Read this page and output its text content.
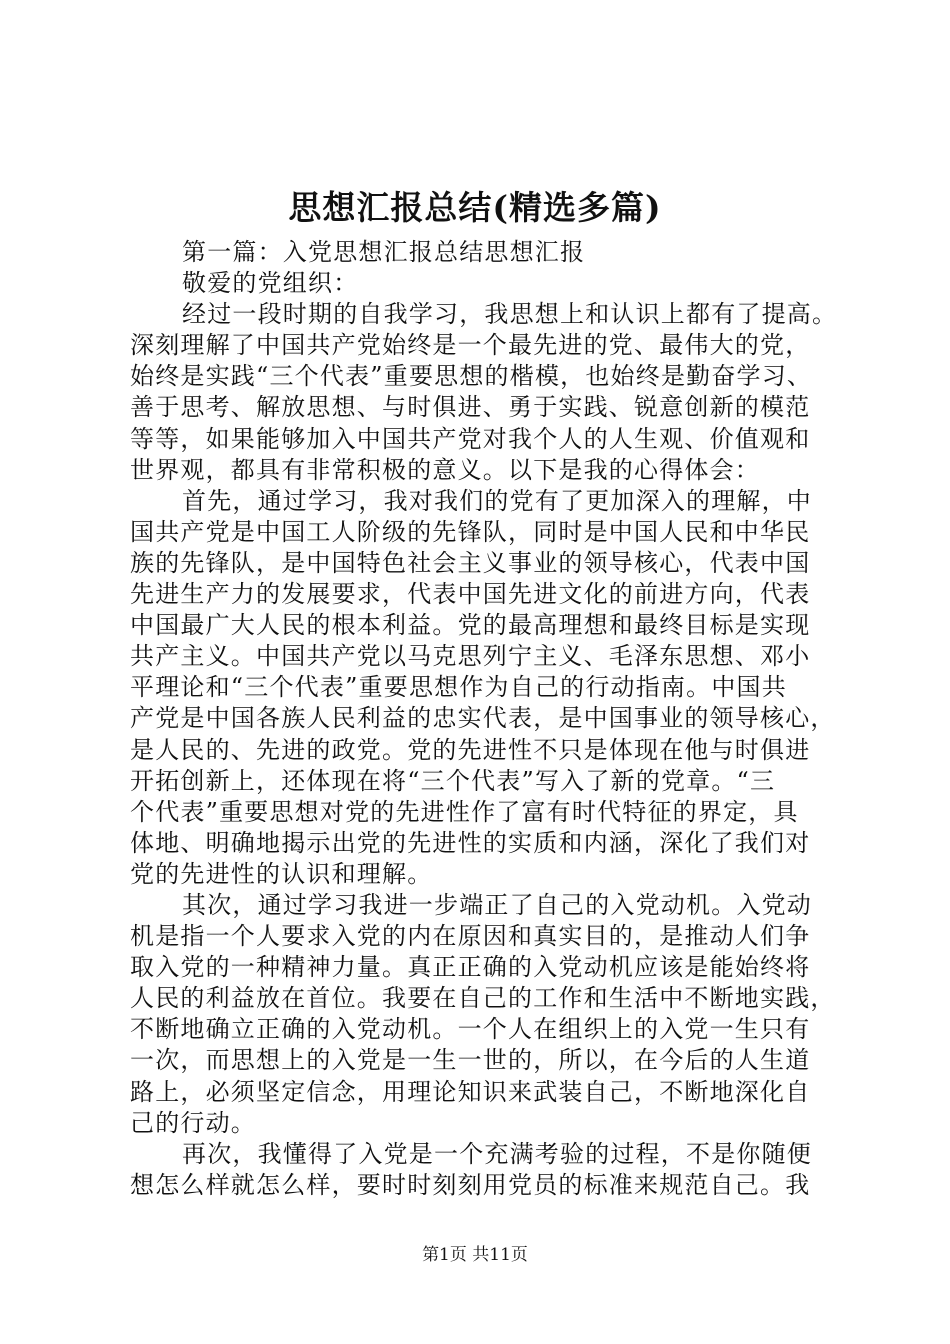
思想汇报总结(精选多篇)
第一篇：入党思想汇报总结思想汇报
敬爱的党组织：
经过一段时期的自我学习，我思想上和认识上都有了提高。
深刻理解了中国共产党始终是一个最先进的党、最伟大的党，
始终是实践“三个代表”重要思想的楷模，也始终是勤奋学习、
善于思考、解放思想、与时俱进、勇于实践、锐意创新的模范
等等，如果能够加入中国共产党对我个人的人生观、价值观和
世界观，都具有非常积极的意义。以下是我的心得体会：
首先，通过学习，我对我们的党有了更加深入的理解，中
国共产党是中国工人阶级的先锋队，同时是中国人民和中华民
族的先锋队，是中国特色社会主义事业的领导核心，代表中国
先进生产力的发展要求，代表中国先进文化的前进方向，代表
中国最广大人民的根本利益。党的最高理想和最终目标是实现
共产主义。中国共产党以马克思列宁主义、毛泽东思想、邓小
平理论和“三个代表”重要思想作为自己的行动指南。中国共
产党是中国各族人民利益的忠实代表，是中国事业的领导核心，
是人民的、先进的政党。党的先进性不只是体现在他与时俱进
开拓创新上，还体现在将“三个代表”写入了新的党章。“三
个代表”重要思想对党的先进性作了富有时代特征的界定，具
体地、明确地揭示出党的先进性的实质和内涵，深化了我们对
党的先进性的认识和理解。
其次，通过学习我进一步端正了自己的入党动机。入党动
机是指一个人要求入党的内在原因和真实目的，是推动人们争
取入党的一种精神力量。真正正确的入党动机应该是能始终将
人民的利益放在首位。我要在自己的工作和生活中不断地实践，
不断地确立正确的入党动机。一个人在组织上的入党一生只有
一次，而思想上的入党是一生一世的，所以，在今后的人生道
路上，必须坚定信念，用理论知识来武装自己，不断地深化自
己的行动。
再次，我懂得了入党是一个充满考验的过程，不是你随便
想怎么样就怎么样，要时时刻刻用党员的标准来规范自己。我
第1页 共11页
